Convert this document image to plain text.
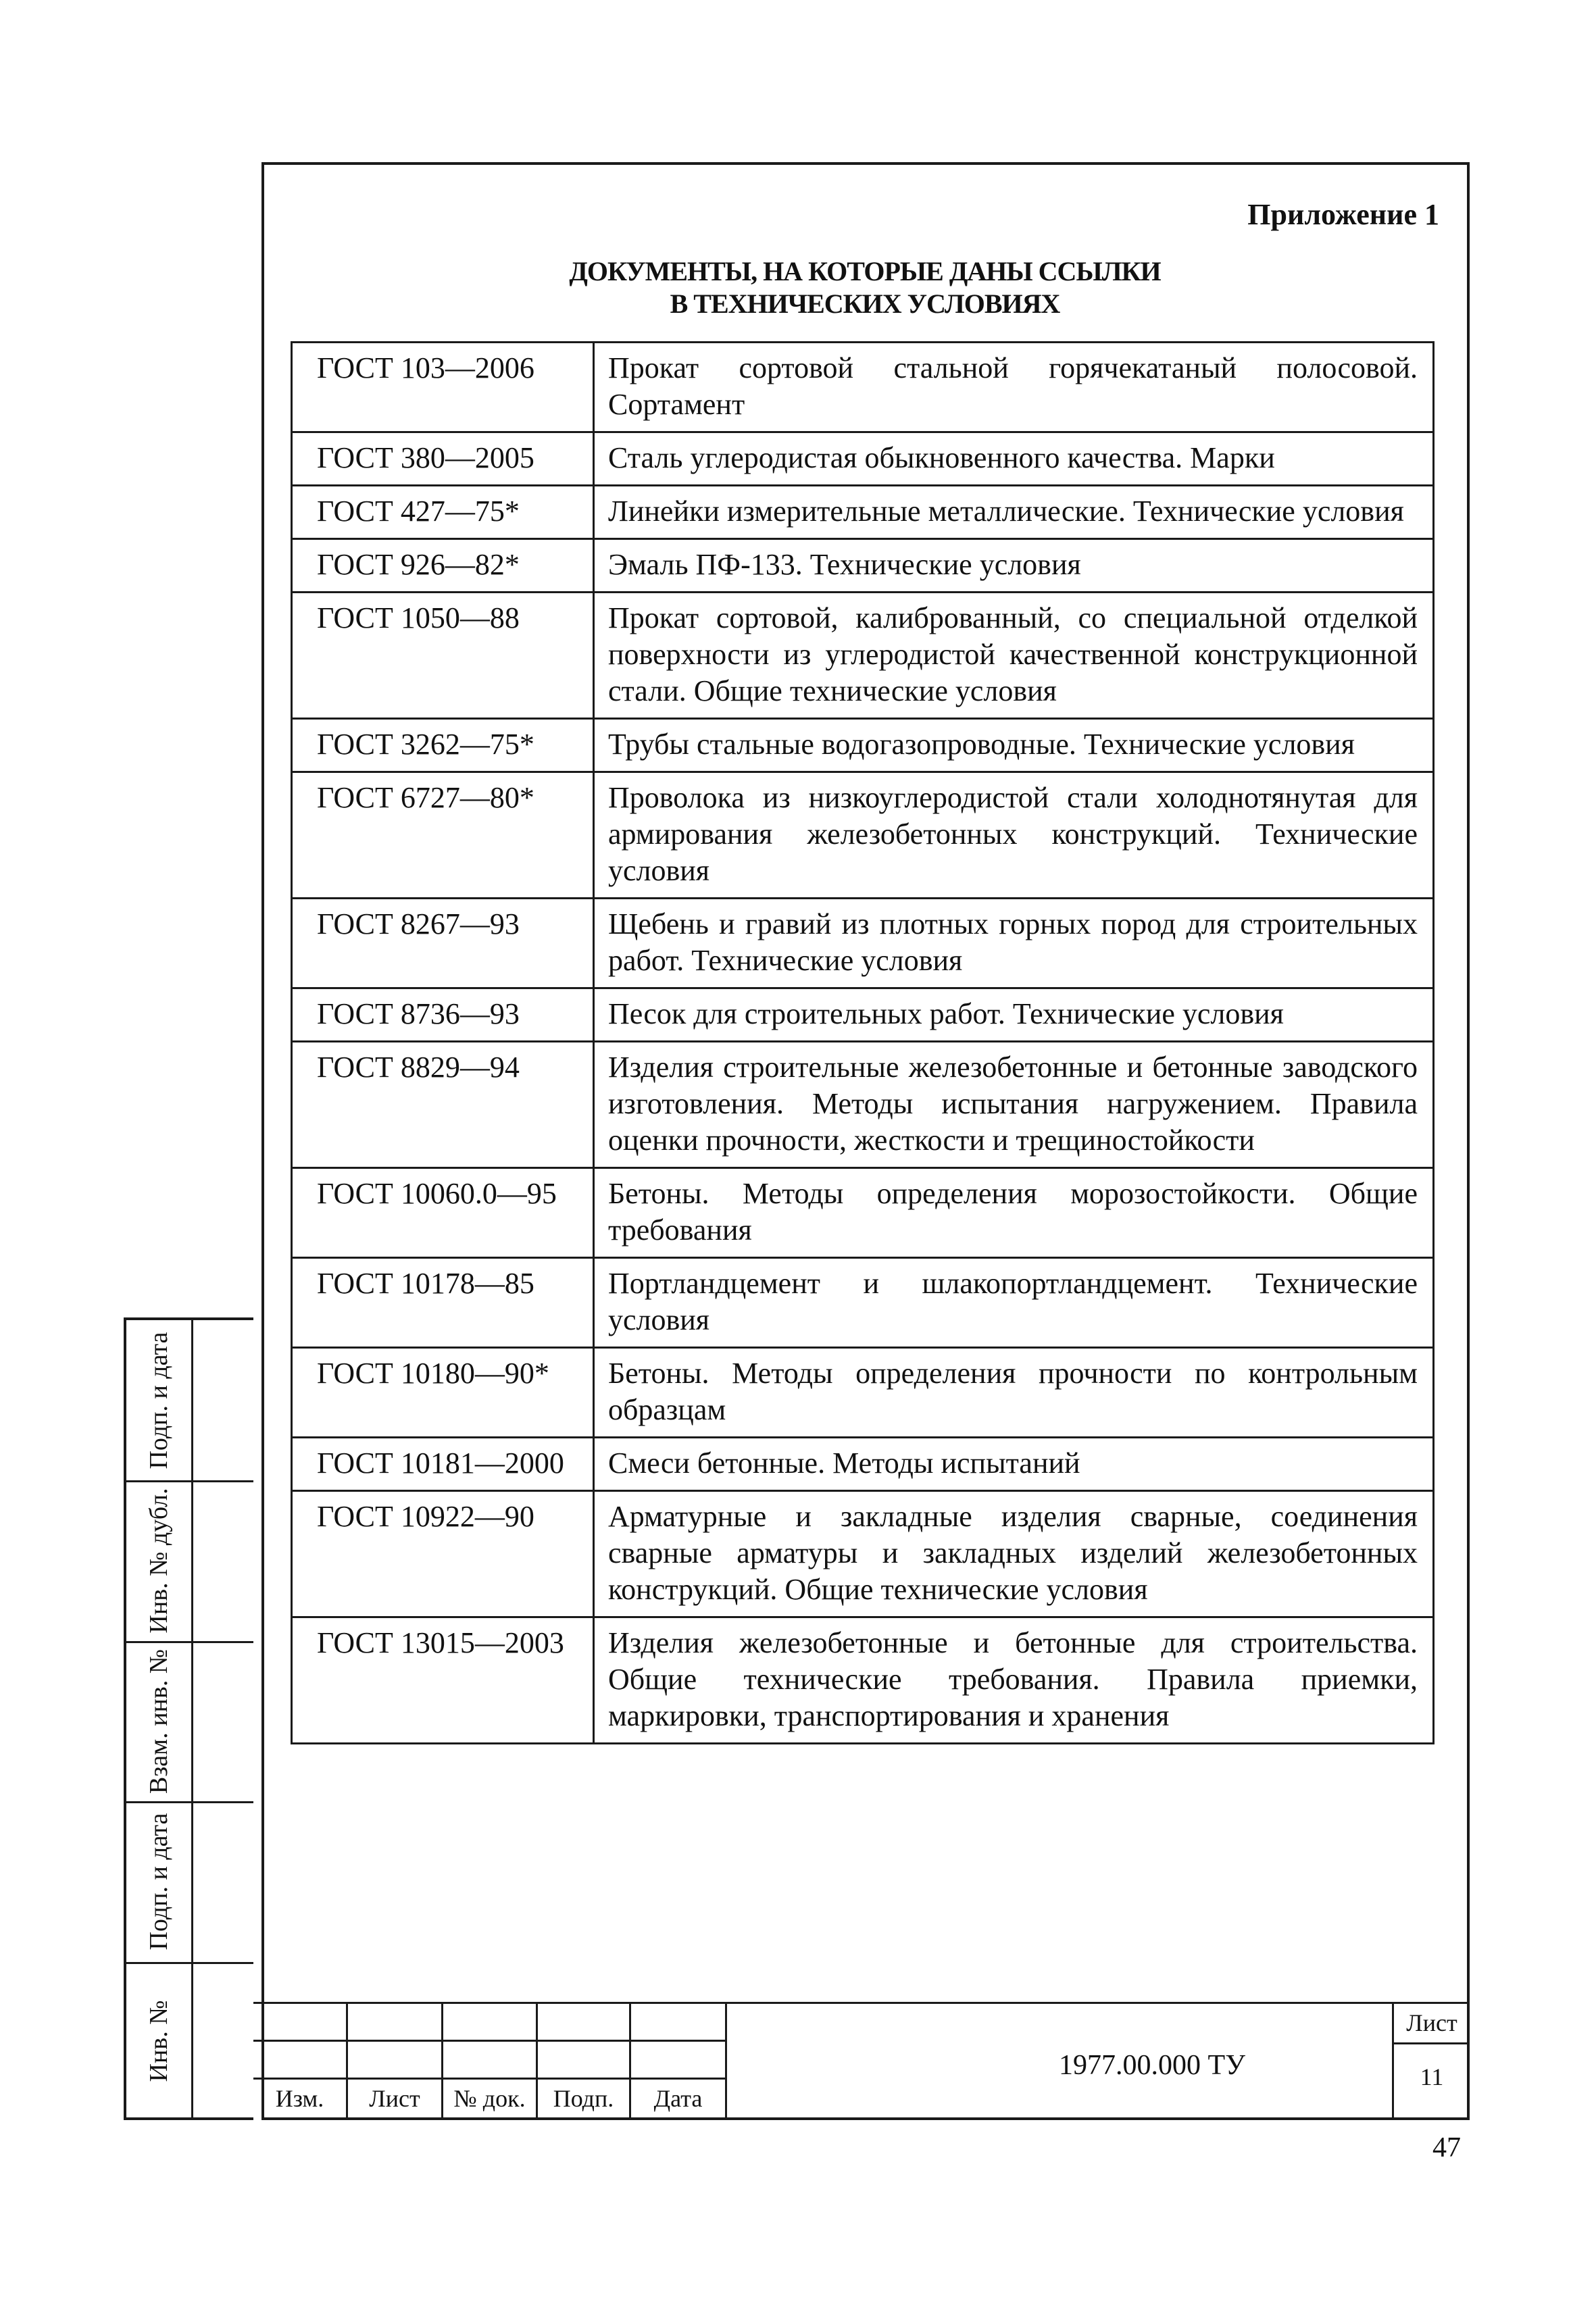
Приложение 1
ДОКУМЕНТЫ, НА КОТОРЫЕ ДАНЫ ССЫЛКИ
В ТЕХНИЧЕСКИХ УСЛОВИЯХ
ГОСТ 103—2006	Прокат сортовой стальной горячекатаный полосовой. Сортамент
ГОСТ 380—2005	Сталь углеродистая обыкновенного качества. Марки
ГОСТ 427—75*	Линейки измерительные металлические. Технические условия
ГОСТ 926—82*	Эмаль ПФ-133. Технические условия
ГОСТ 1050—88	Прокат сортовой, калиброванный, со специальной отделкой поверхности из углеродистой качественной конструкционной стали. Общие технические условия
ГОСТ 3262—75*	Трубы стальные водогазопроводные. Технические условия
ГОСТ 6727—80*	Проволока из низкоуглеродистой стали холоднотянутая для армирования железобетонных конструкций. Технические условия
ГОСТ 8267—93	Щебень и гравий из плотных горных пород для строительных работ. Технические условия
ГОСТ 8736—93	Песок для строительных работ. Технические условия
ГОСТ 8829—94	Изделия строительные железобетонные и бетонные заводского изготовления. Методы испытания нагружением. Правила оценки прочности, жесткости и трещиностойкости
ГОСТ 10060.0—95	Бетоны. Методы определения морозостойкости. Общие требования
ГОСТ 10178—85	Портландцемент и шлакопортландцемент. Технические условия
ГОСТ 10180—90*	Бетоны. Методы определения прочности по контрольным образцам
ГОСТ 10181—2000	Смеси бетонные. Методы испытаний
ГОСТ 10922—90	Арматурные и закладные изделия сварные, соединения сварные арматуры и закладных изделий железобетонных конструкций. Общие технические условия
ГОСТ 13015—2003	Изделия железобетонные и бетонные для строительства. Общие технические требования. Правила приемки, маркировки, транспортирования и хранения
Подп. и дата
Инв. № дубл.
Взам. инв. №
Подп. и дата
Инв. №
Изм.	Лист	№ док.	Подп.	Дата
1977.00.000 ТУ
Лист
11
47
